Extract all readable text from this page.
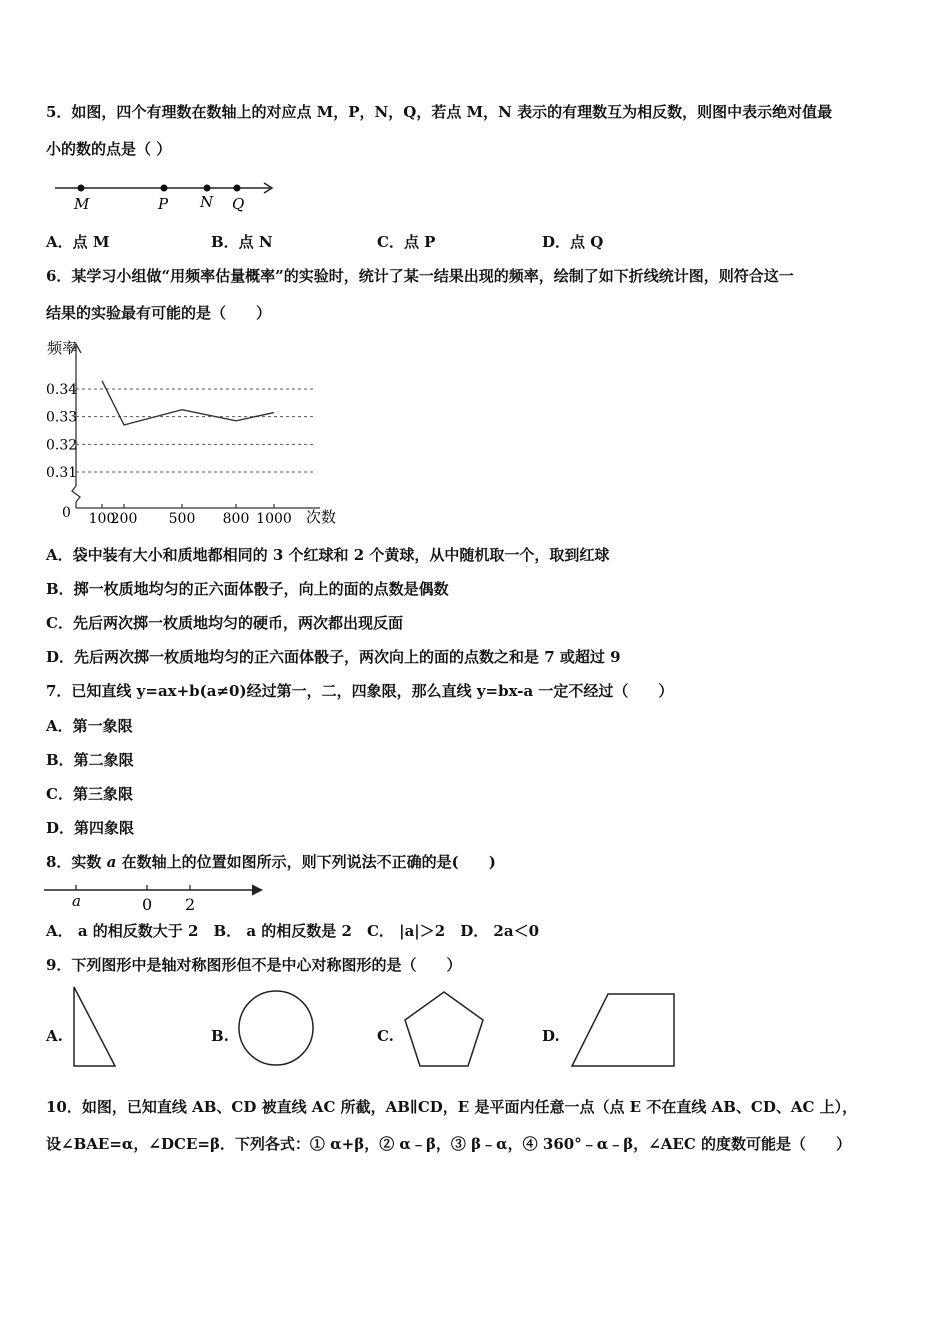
5．如图，四个有理数在数轴上的对应点 M，P，N，Q，若点 M，N 表示的有理数互为相反数，则图中表示绝对值最
小的数的点是（ ）
M	P N Q
A．点 M	B．点 N	C．点 P	D．点 Q
6．某学习小组做“用频率估量概率”的实验时，统计了某一结果出现的频率，绘制了如下折线统计图，则符合这一
结果的实验最有可能的是（　　）
频率
次数
0
0.34
0.33
0.32
0.31
100
200 500 800 1000
A．袋中装有大小和质地都相同的 3 个红球和 2 个黄球，从中随机取一个，取到红球
B．掷一枚质地均匀的正六面体骰子，向上的面的点数是偶数
C．先后两次掷一枚质地均匀的硬币，两次都出现反面
D．先后两次掷一枚质地均匀的正六面体骰子，两次向上的面的点数之和是 7 或超过 9
7．已知直线 y=ax+b(a≠0)经过第一，二，四象限，那么直线 y=bx-a 一定不经过（　　）
A．第一象限
B．第二象限
C．第三象限
D．第四象限
8．实数 a 在数轴上的位置如图所示，则下列说法不正确的是(　　)
a	0 2
A． a 的相反数大于 2　B． a 的相反数是 2　C． |a|＞2　D． 2a＜0
9．下列图形中是轴对称图形但不是中心对称图形的是（　　）
A.	B.	C.	D.
10．如图，已知直线 AB、CD 被直线 AC 所截，AB∥CD，E 是平面内任意一点（点 E 不在直线 AB、CD、AC 上），
设∠BAE=α，∠DCE=β．下列各式：① α+β，② α﹣β，③ β﹣α，④ 360°﹣α﹣β，∠AEC 的度数可能是（　　）
